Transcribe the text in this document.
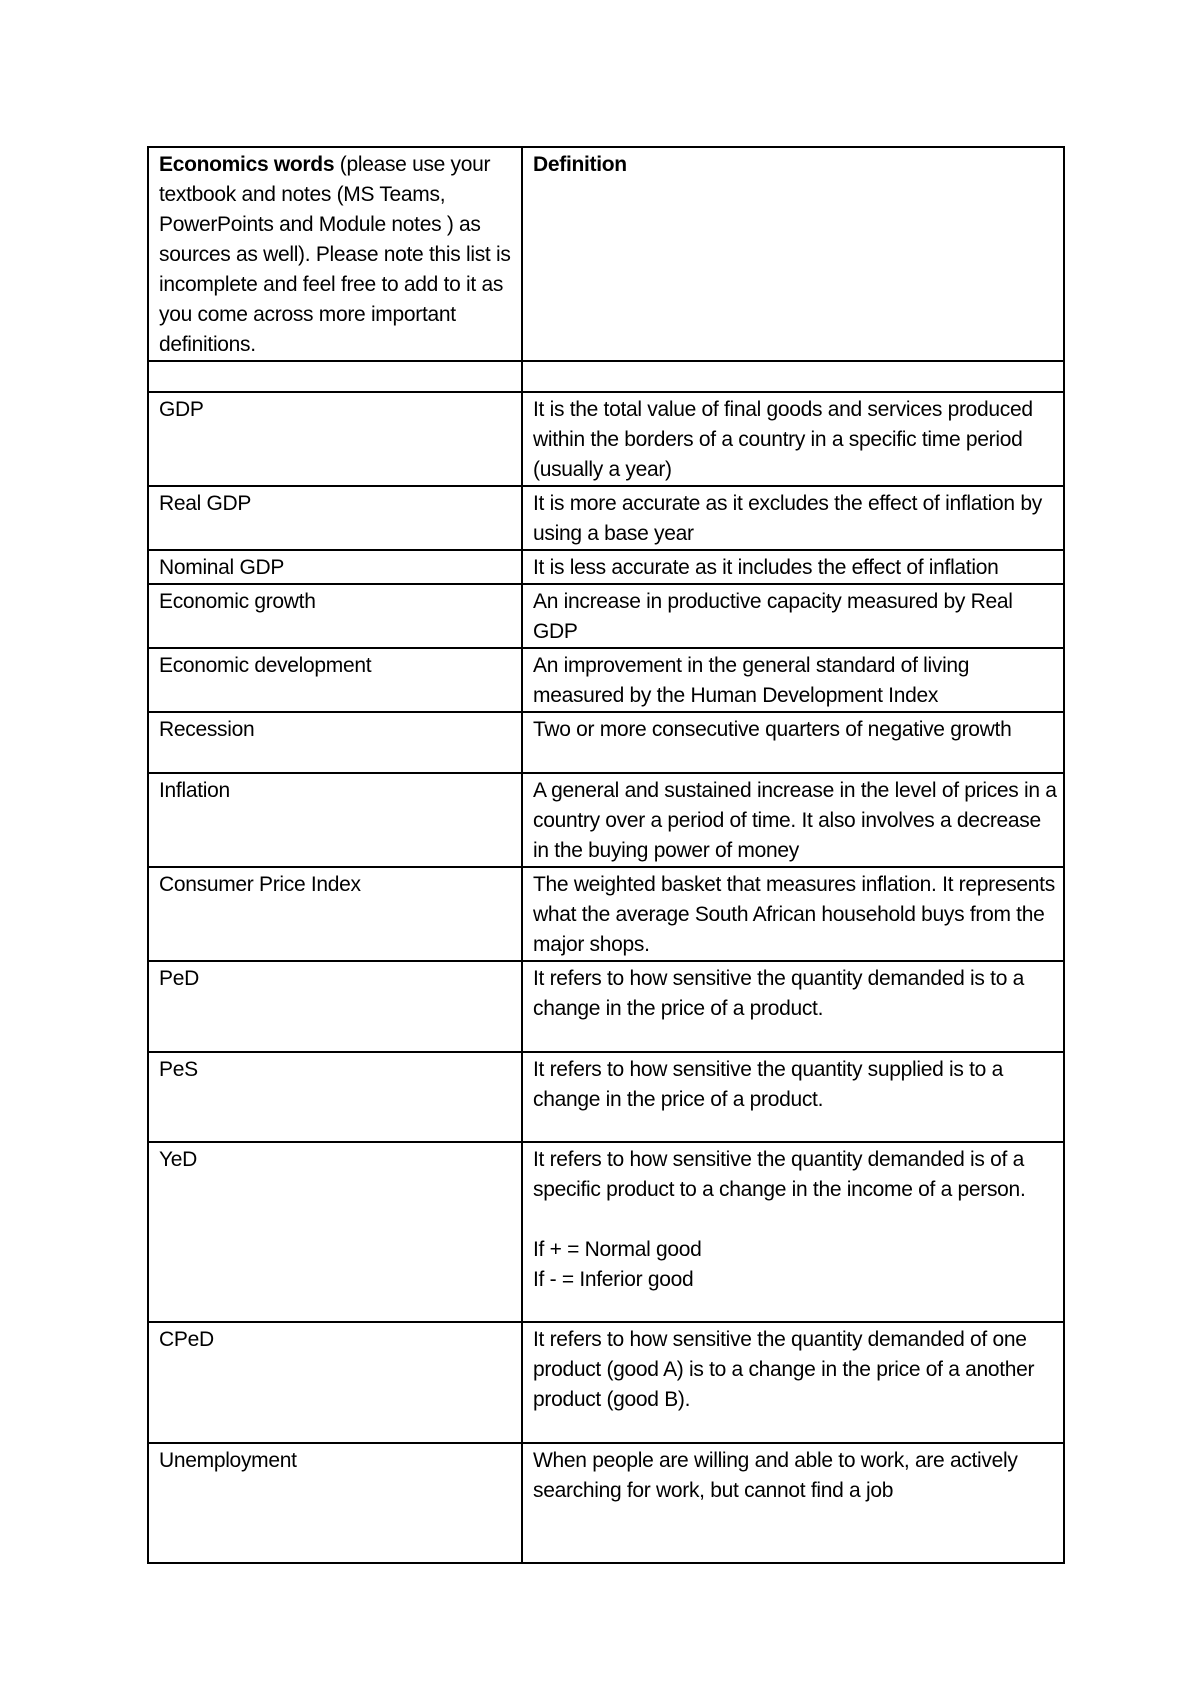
Economics words (please use your textbook and notes (MS Teams, PowerPoints and Module notes ) as sources as well). Please note this list is incomplete and feel free to add to it as you come across more important definitions.	Definition

GDP	It is the total value of final goods and services produced within the borders of a country in a specific time period (usually a year)
Real GDP	It is more accurate as it excludes the effect of inflation by using a base year
Nominal GDP	It is less accurate as it includes the effect of inflation
Economic growth	An increase in productive capacity measured by Real GDP
Economic development	An improvement in the general standard of living measured by the Human Development Index
Recession	Two or more consecutive quarters of negative growth
Inflation	A general and sustained increase in the level of prices in a country over a period of time. It also involves a decrease in the buying power of money
Consumer Price Index	The weighted basket that measures inflation. It represents what the average South African household buys from the major shops.
PeD	It refers to how sensitive the quantity demanded is to a change in the price of a product.
PeS	It refers to how sensitive the quantity supplied is to a change in the price of a product.
YeD	It refers to how sensitive the quantity demanded is of a specific product to a change in the income of a person.

If + = Normal good
If - = Inferior good

CPeD	It refers to how sensitive the quantity demanded of one product (good A) is to a change in the price of a another product (good B).
Unemployment	When people are willing and able to work, are actively searching for work, but cannot find a job
